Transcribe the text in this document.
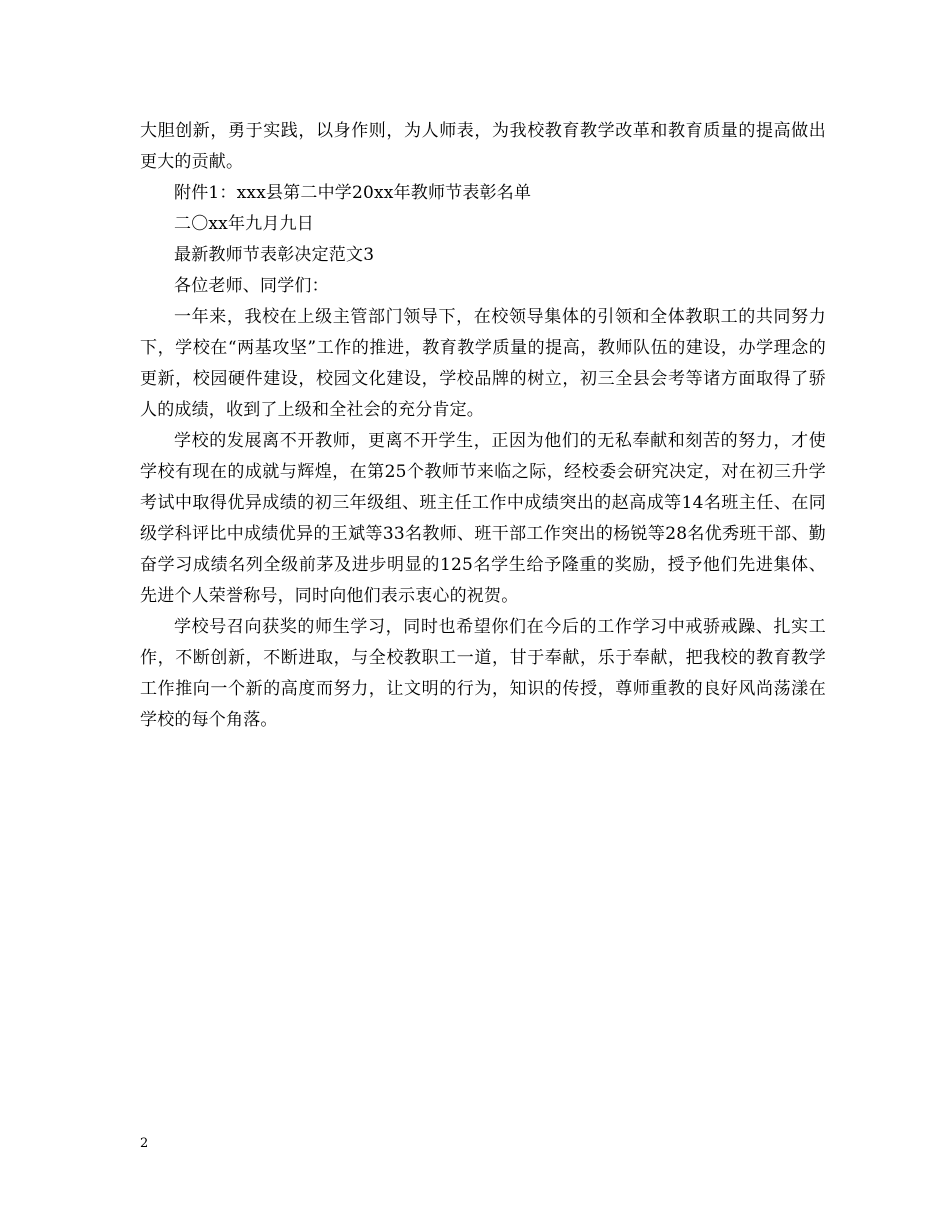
大胆创新，勇于实践，以身作则，为人师表，为我校教育教学改革和教育质量的提高做出更大的贡献。

附件1：xxx县第二中学20xx年教师节表彰名单

二〇xx年九月九日

最新教师节表彰决定范文3

各位老师、同学们：

一年来，我校在上级主管部门领导下，在校领导集体的引领和全体教职工的共同努力下，学校在“两基攻坚”工作的推进，教育教学质量的提高，教师队伍的建设，办学理念的更新，校园硬件建设，校园文化建设，学校品牌的树立，初三全县会考等诸方面取得了骄人的成绩，收到了上级和全社会的充分肯定。

学校的发展离不开教师，更离不开学生，正因为他们的无私奉献和刻苦的努力，才使学校有现在的成就与辉煌，在第25个教师节来临之际，经校委会研究决定，对在初三升学考试中取得优异成绩的初三年级组、班主任工作中成绩突出的赵高成等14名班主任、在同级学科评比中成绩优异的王斌等33名教师、班干部工作突出的杨锐等28名优秀班干部、勤奋学习成绩名列全级前茅及进步明显的125名学生给予隆重的奖励，授予他们先进集体、先进个人荣誉称号，同时向他们表示衷心的祝贺。

学校号召向获奖的师生学习，同时也希望你们在今后的工作学习中戒骄戒躁、扎实工作，不断创新，不断进取，与全校教职工一道，甘于奉献，乐于奉献，把我校的教育教学工作推向一个新的高度而努力，让文明的行为，知识的传授，尊师重教的良好风尚荡漾在学校的每个角落。

2
